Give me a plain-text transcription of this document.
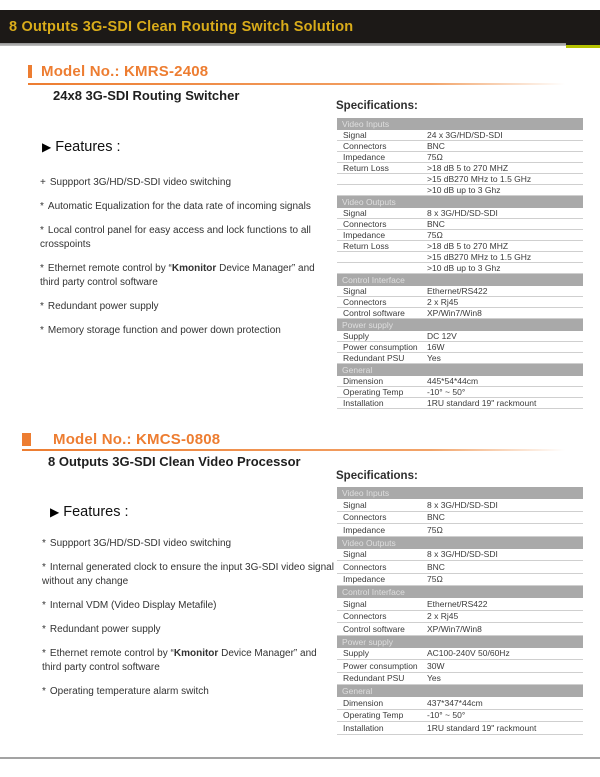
8 Outputs 3G-SDI Clean Routing Switch Solution
Model No.: KMRS-2408
24x8 3G-SDI Routing Switcher
▶ Features :
+ Suppport 3G/HD/SD-SDI video switching
* Automatic Equalization for the data rate of incoming signals
* Local control panel for easy access and lock functions to all crosspoints
* Ethernet remote control by “Kmonitor Device Manager” and third party control software
* Redundant power supply
* Memory storage function and power down protection
Specifications:
Video Inputs
Signal	24 x 3G/HD/SD-SDI
Connectors	BNC
Impedance	75Ω
Return Loss	>18 dB 5 to 270 MHZ
>15 dB270 MHz to 1.5 GHz
>10 dB up to 3 Ghz
Video Outputs
Signal	8 x 3G/HD/SD-SDI
Connectors	BNC
Impedance	75Ω
Return Loss	>18 dB 5 to 270 MHZ
>15 dB270 MHz to 1.5 GHz
>10 dB up to 3 Ghz
Control Interface
Signal	Ethernet/RS422
Connectors	2 x Rj45
Control software	XP/Win7/Win8
Power supply
Supply	DC 12V
Power consumption	16W
Redundant PSU	Yes
General
Dimension	445*54*44cm
Operating Temp	-10° ~ 50°
Installation	1RU standard 19" rackmount
Model No.: KMCS-0808
8 Outputs 3G-SDI Clean Video Processor
▶ Features :
* Suppport 3G/HD/SD-SDI video switching
* Internal generated clock to ensure the input 3G-SDI video signal without any change
* Internal VDM (Video Display Metafile)
* Redundant power supply
* Ethernet remote control by “Kmonitor Device Manager” and third party control software
* Operating temperature alarm switch
Specifications:
Video Inputs
Signal	8 x 3G/HD/SD-SDI
Connectors	BNC
Impedance	75Ω
Video Outputs
Signal	8 x 3G/HD/SD-SDI
Connectors	BNC
Impedance	75Ω
Control Interface
Signal	Ethernet/RS422
Connectors	2 x Rj45
Control software	XP/Win7/Win8
Power supply
Supply	AC100-240V 50/60Hz
Power consumption	30W
Redundant PSU	Yes
General
Dimension	437*347*44cm
Operating Temp	-10° ~ 50°
Installation	1RU standard 19" rackmount
